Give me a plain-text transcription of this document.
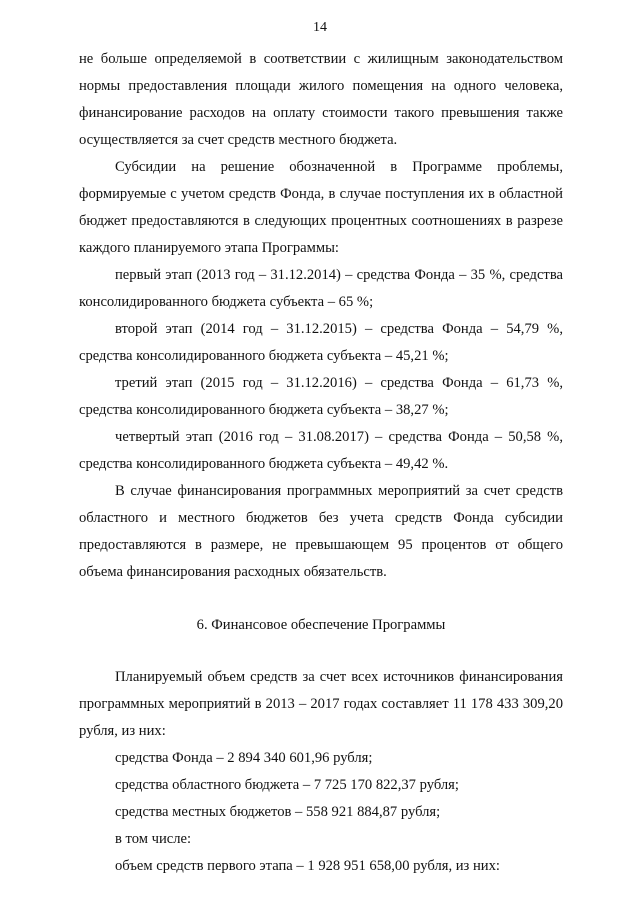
14

не больше определяемой в соответствии с жилищным законодательством нормы предоставления площади жилого помещения на одного человека, финансирование расходов на оплату стоимости такого превышения также осуществляется за счет средств местного бюджета.

Субсидии на решение обозначенной в Программе проблемы, формируемые с учетом средств Фонда, в случае поступления их в областной бюджет предоставляются в следующих процентных соотношениях в разрезе каждого планируемого этапа Программы:

первый этап (2013 год – 31.12.2014) – средства Фонда – 35 %, средства консолидированного бюджета субъекта – 65 %;

второй этап (2014 год – 31.12.2015) – средства Фонда – 54,79 %, средства консолидированного бюджета субъекта – 45,21 %;

третий этап (2015 год – 31.12.2016) – средства Фонда – 61,73 %, средства консолидированного бюджета субъекта – 38,27 %;

четвертый этап (2016 год – 31.08.2017) – средства Фонда – 50,58 %, средства консолидированного бюджета субъекта – 49,42 %.

В случае финансирования программных мероприятий за счет средств областного и местного бюджетов без учета средств Фонда субсидии предоставляются в размере, не превышающем 95 процентов от общего объема финансирования расходных обязательств.

6. Финансовое обеспечение Программы

Планируемый объем средств за счет всех источников финансирования программных мероприятий в 2013 – 2017 годах составляет 11 178 433 309,20 рубля, из них:

средства Фонда – 2 894 340 601,96 рубля;

средства областного бюджета – 7 725 170 822,37 рубля;

средства местных бюджетов – 558 921 884,87 рубля;

в том числе:

объем средств первого этапа – 1 928 951 658,00 рубля, из них:
